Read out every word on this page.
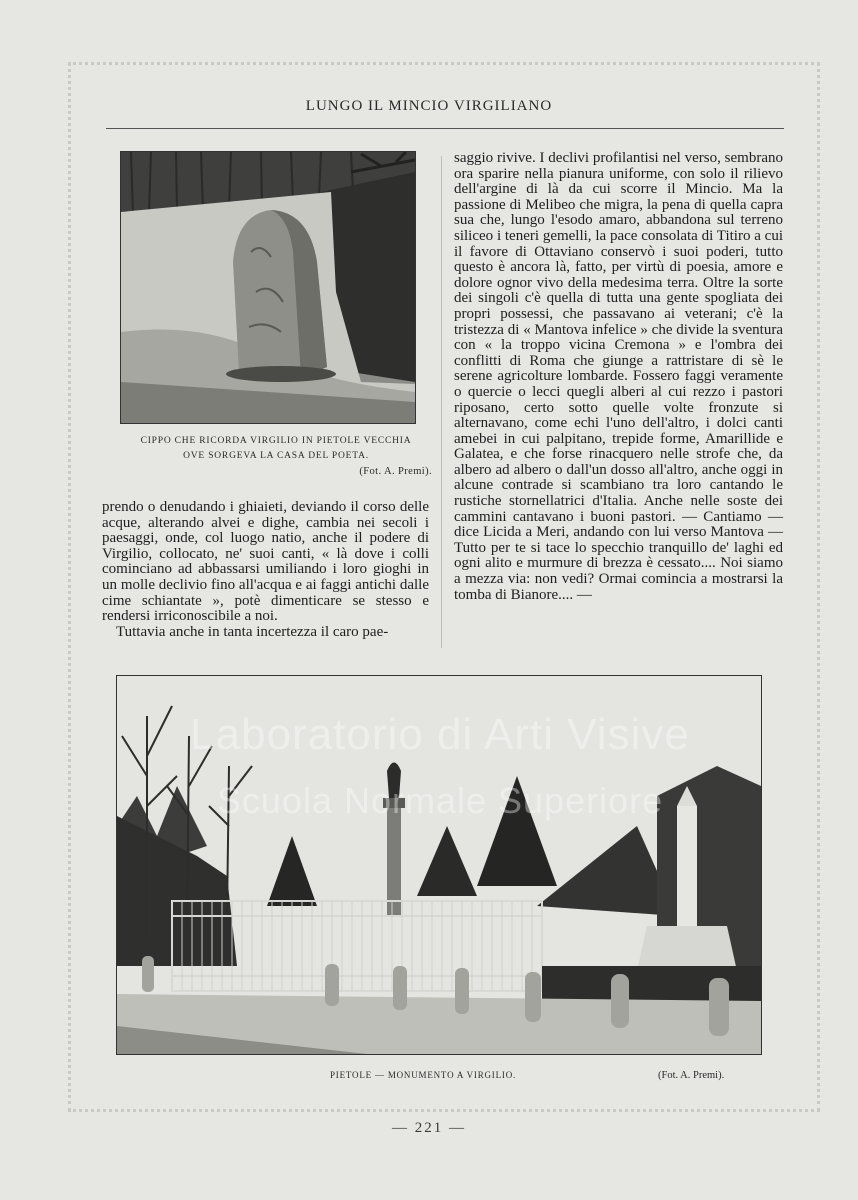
LUNGO IL MINCIO VIRGILIANO
CIPPO CHE RICORDA VIRGILIO IN PIETOLE VECCHIA
OVE SORGEVA LA CASA DEL POETA.
(Fot. A. Premi).

prendo o denudando i ghiaieti, deviando il corso delle acque, alterando alvei e dighe, cambia nei secoli i paesaggi, onde, col luogo natio, anche il podere di Virgilio, collocato, ne' suoi canti, « là dove i colli cominciano ad abbassarsi umiliando i loro gioghi in un molle declivio fino all'acqua e ai faggi antichi dalle cime schiantate », potè dimenticare se stesso e rendersi irriconoscibile a noi.

Tuttavia anche in tanta incertezza il caro pae-

saggio rivive. I declivi profilantisi nel verso, sembrano ora sparire nella pianura uniforme, con solo il rilievo dell'argine di là da cui scorre il Mincio. Ma la passione di Melibeo che migra, la pena di quella capra sua che, lungo l'esodo amaro, abbandona sul terreno siliceo i teneri gemelli, la pace consolata di Titiro a cui il favore di Ottaviano conservò i suoi poderi, tutto questo è ancora là, fatto, per virtù di poesia, amore e dolore ognor vivo della medesima terra. Oltre la sorte dei singoli c'è quella di tutta una gente spogliata dei propri possessi, che passavano ai veterani; c'è la tristezza di « Mantova infelice » che divide la sventura con « la troppo vicina Cremona » e l'ombra dei conflitti di Roma che giunge a rattristare di sè le serene agricolture lombarde. Fossero faggi veramente o quercie o lecci quegli alberi al cui rezzo i pastori riposano, certo sotto quelle volte fronzute si alternavano, come echi l'uno dell'altro, i dolci canti amebei in cui palpitano, trepide forme, Amarillide e Galatea, e che forse rinacquero nelle strofe che, da albero ad albero o dall'un dosso all'altro, anche oggi in alcune contrade si scambiano tra loro cantando le rustiche stornellatrici d'Italia. Anche nelle soste dei cammini cantavano i buoni pastori. — Cantiamo — dice Licida a Meri, andando con lui verso Mantova — Tutto per te si tace lo specchio tranquillo de' laghi ed ogni alito e murmure di brezza è cessato.... Noi siamo a mezza via: non vedi? Ormai comincia a mostrarsi la tomba di Bianore.... —

Laboratorio di Arti Visive
Scuola Normale Superiore
PIETOLE — MONUMENTO A VIRGILIO.	(Fot. A. Premi).
— 221 —
